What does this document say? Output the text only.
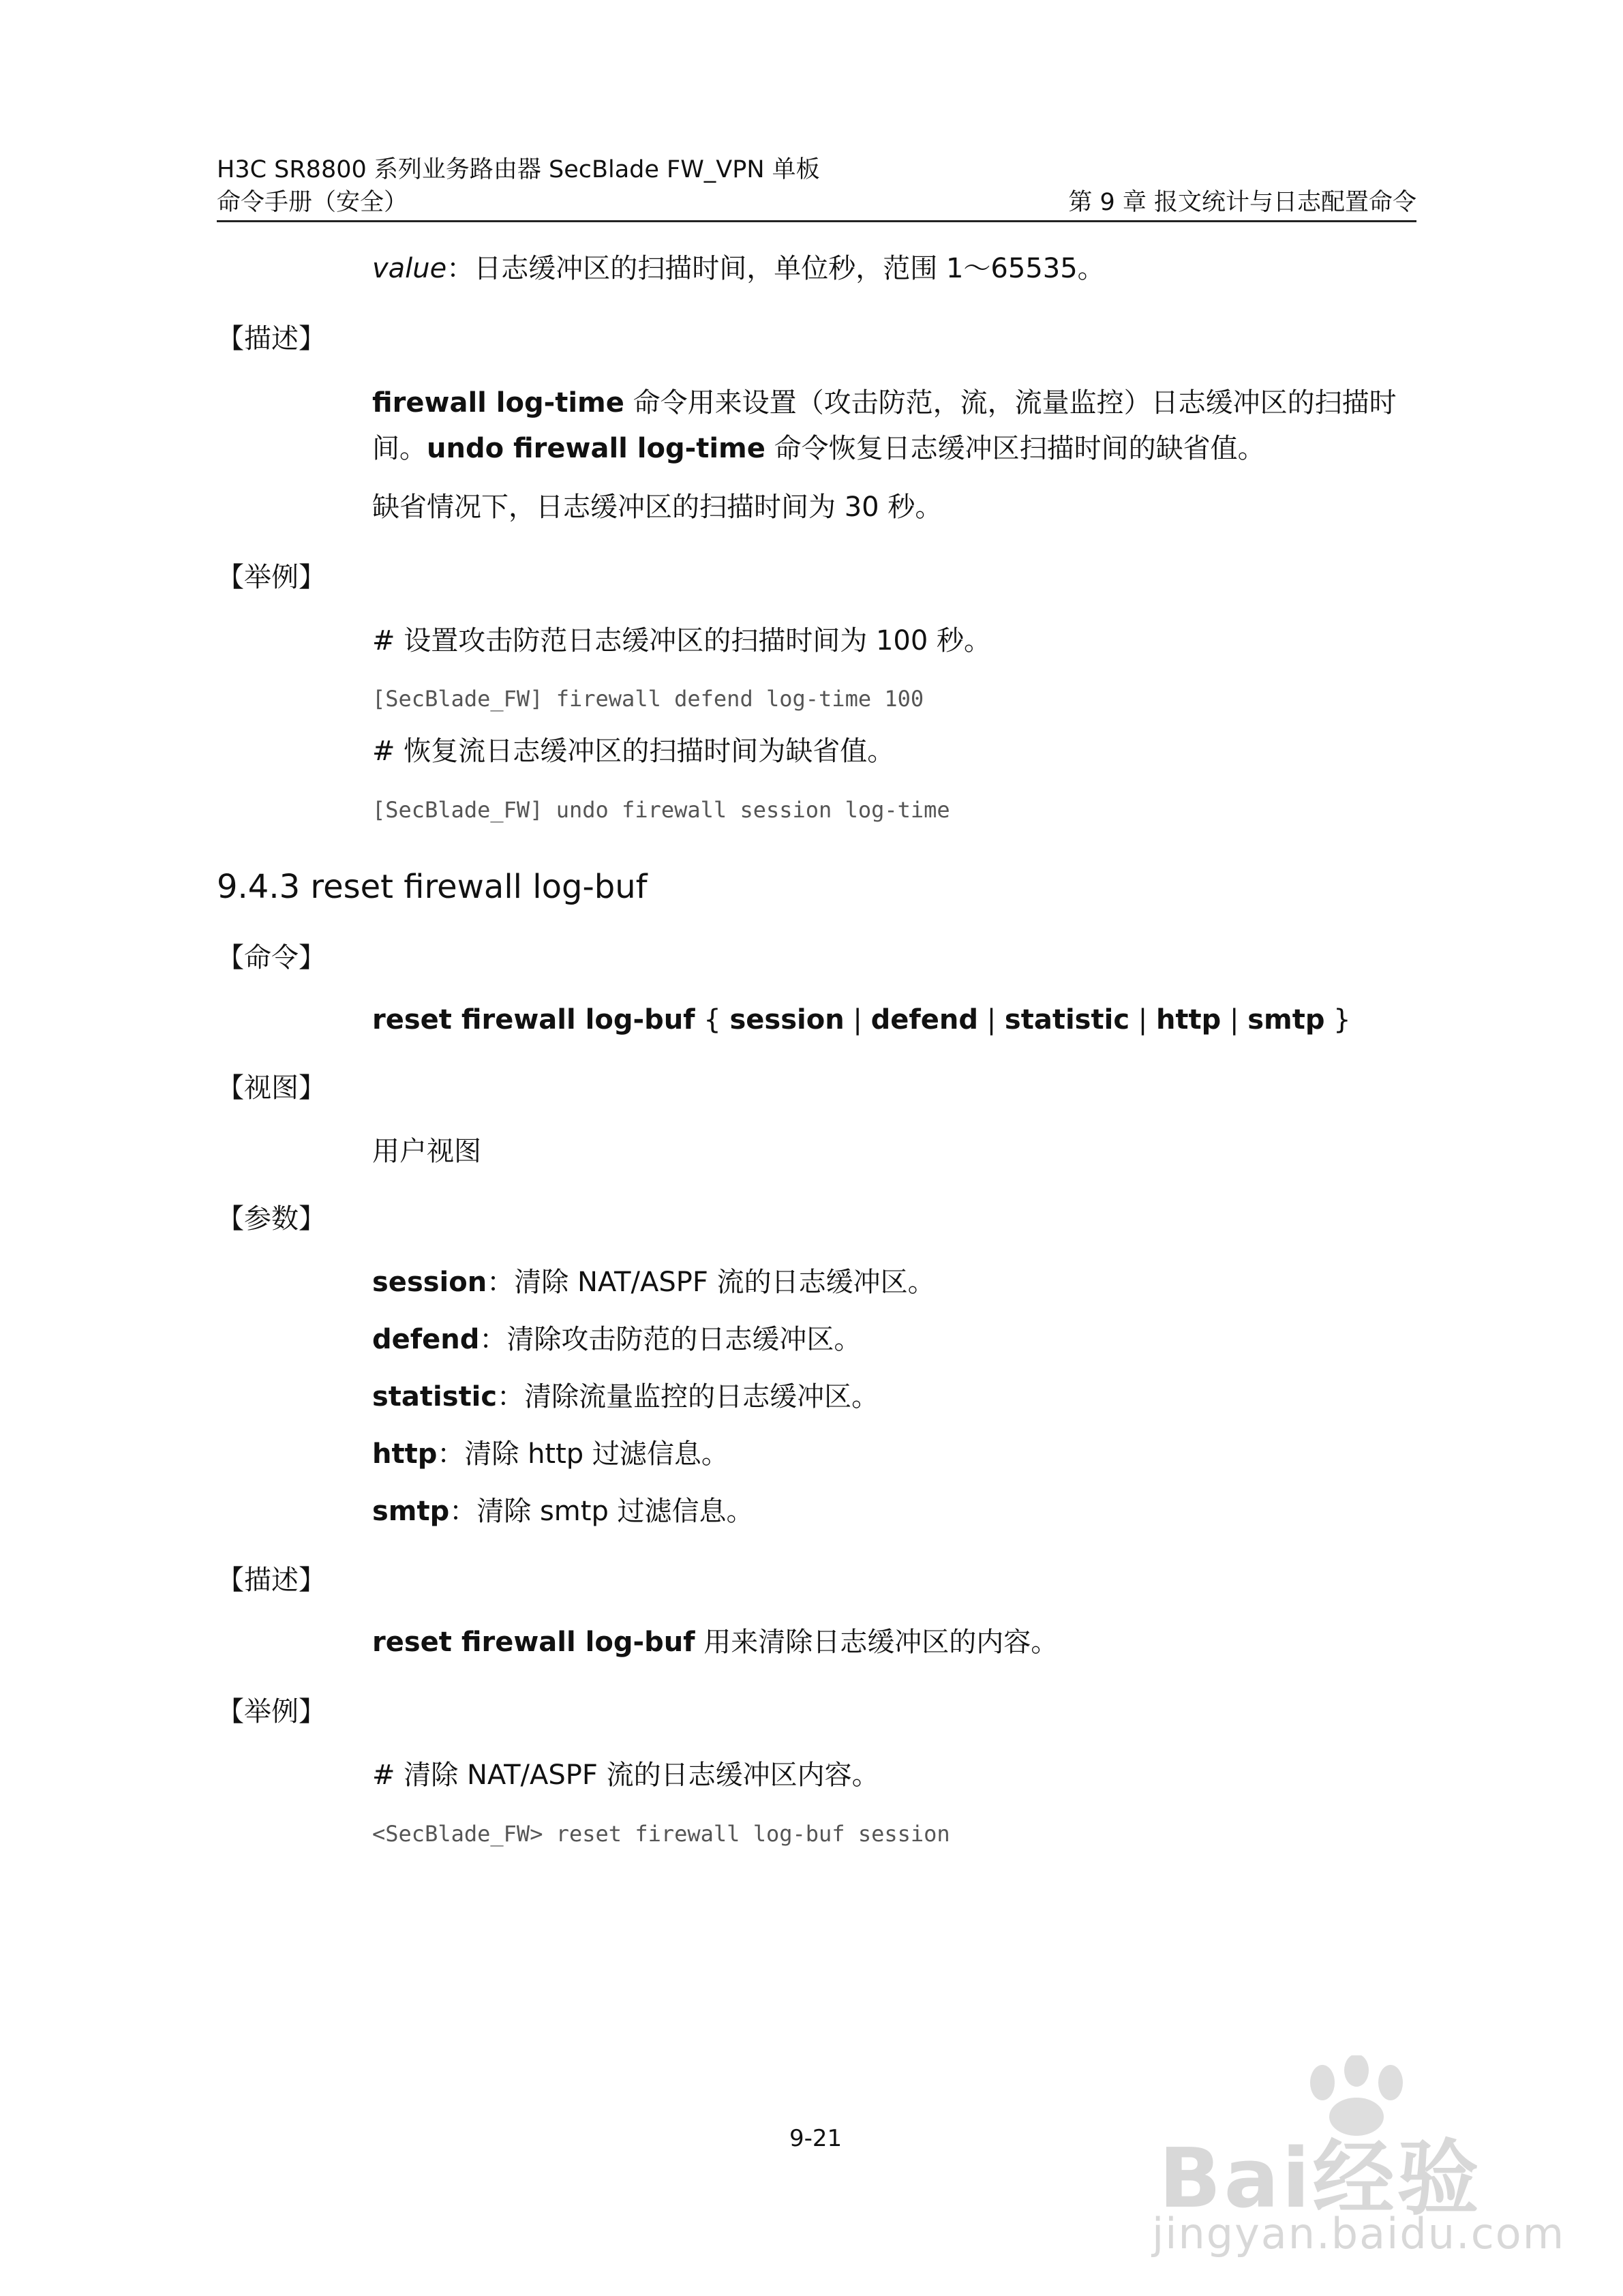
H3C SR8800 系列业务路由器 SecBlade FW_VPN 单板
命令手册（安全）	第 9 章 报文统计与日志配置命令
value：日志缓冲区的扫描时间，单位秒，范围 1～65535。
【描述】
firewall log-time 命令用来设置（攻击防范，流，流量监控）日志缓冲区的扫描时
间。undo firewall log-time 命令恢复日志缓冲区扫描时间的缺省值。
缺省情况下，日志缓冲区的扫描时间为 30 秒。
【举例】
# 设置攻击防范日志缓冲区的扫描时间为 100 秒。
[SecBlade_FW] firewall defend log-time 100
# 恢复流日志缓冲区的扫描时间为缺省值。
[SecBlade_FW] undo firewall session log-time
9.4.3 reset firewall log-buf
【命令】
reset firewall log-buf { session | defend | statistic | http | smtp }
【视图】
用户视图
【参数】
session：清除 NAT/ASPF 流的日志缓冲区。
defend：清除攻击防范的日志缓冲区。
statistic：清除流量监控的日志缓冲区。
http：清除 http 过滤信息。
smtp：清除 smtp 过滤信息。
【描述】
reset firewall log-buf 用来清除日志缓冲区的内容。
【举例】
# 清除 NAT/ASPF 流的日志缓冲区内容。
<SecBlade_FW> reset firewall log-buf session
9-21	Bai经验
jingyan.baidu.com
